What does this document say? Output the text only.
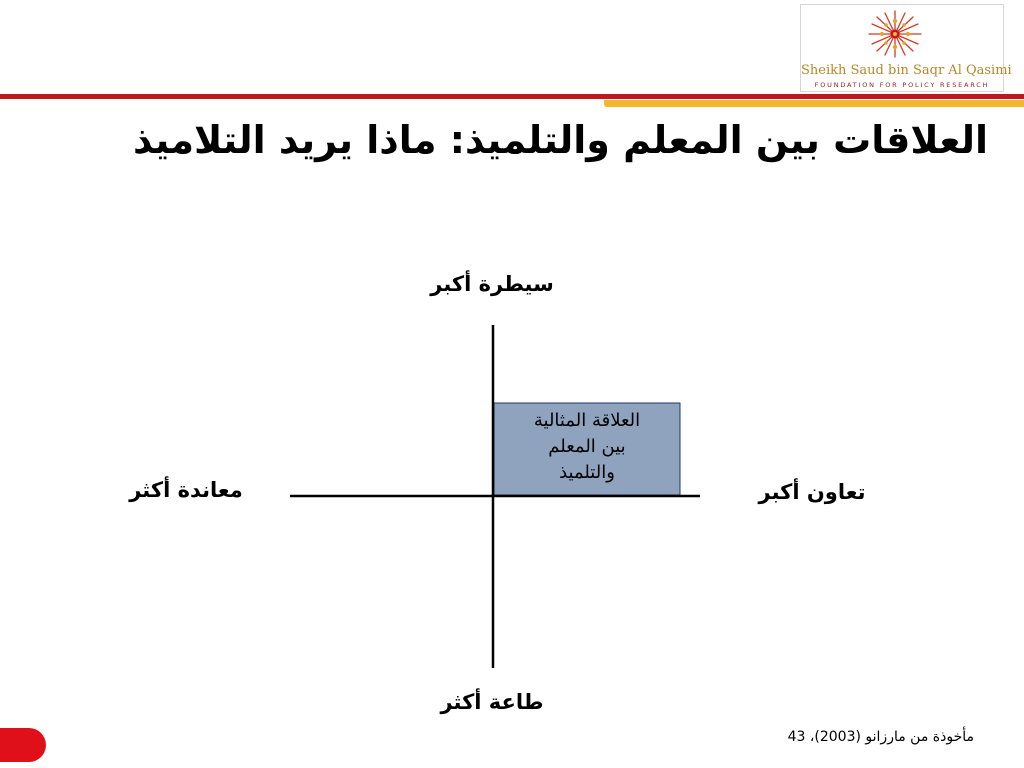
Sheikh Saud bin Saqr Al Qasimi
FOUNDATION FOR POLICY RESEARCH
العلاقات بين المعلم والتلميذ: ماذا يريد التلاميذ
سيطرة أكبر
طاعة أكثر
معاندة أكثر	تعاون أكبر
العلاقة المثالية
بين المعلم
والتلميذ
مأخوذة من مارزانو (2003)، 43
